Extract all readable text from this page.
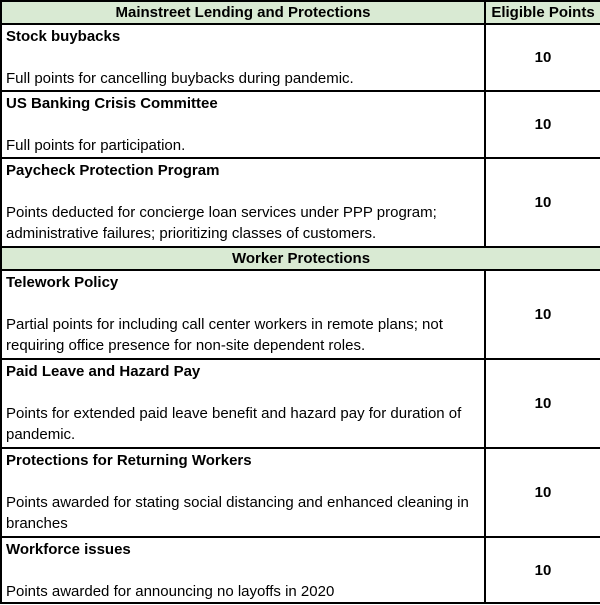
Mainstreet Lending and Protections	Eligible Points

Stock buybacks
Full points for cancelling buybacks during pandemic.	10

US Banking Crisis Committee
Full points for participation.	10

Paycheck Protection Program
Points deducted for concierge loan services under PPP program; administrative failures; prioritizing classes of customers.	10
Worker Protections	

Telework Policy
Partial points for including call center workers in remote plans; not requiring office presence for non-site dependent roles.	10

Paid Leave and Hazard Pay
Points for extended paid leave benefit and hazard pay for duration of pandemic.	10

Protections for Returning Workers
Points awarded for stating social distancing and enhanced cleaning in branches	10

Workforce issues
Points awarded for announcing no layoffs in 2020	10
